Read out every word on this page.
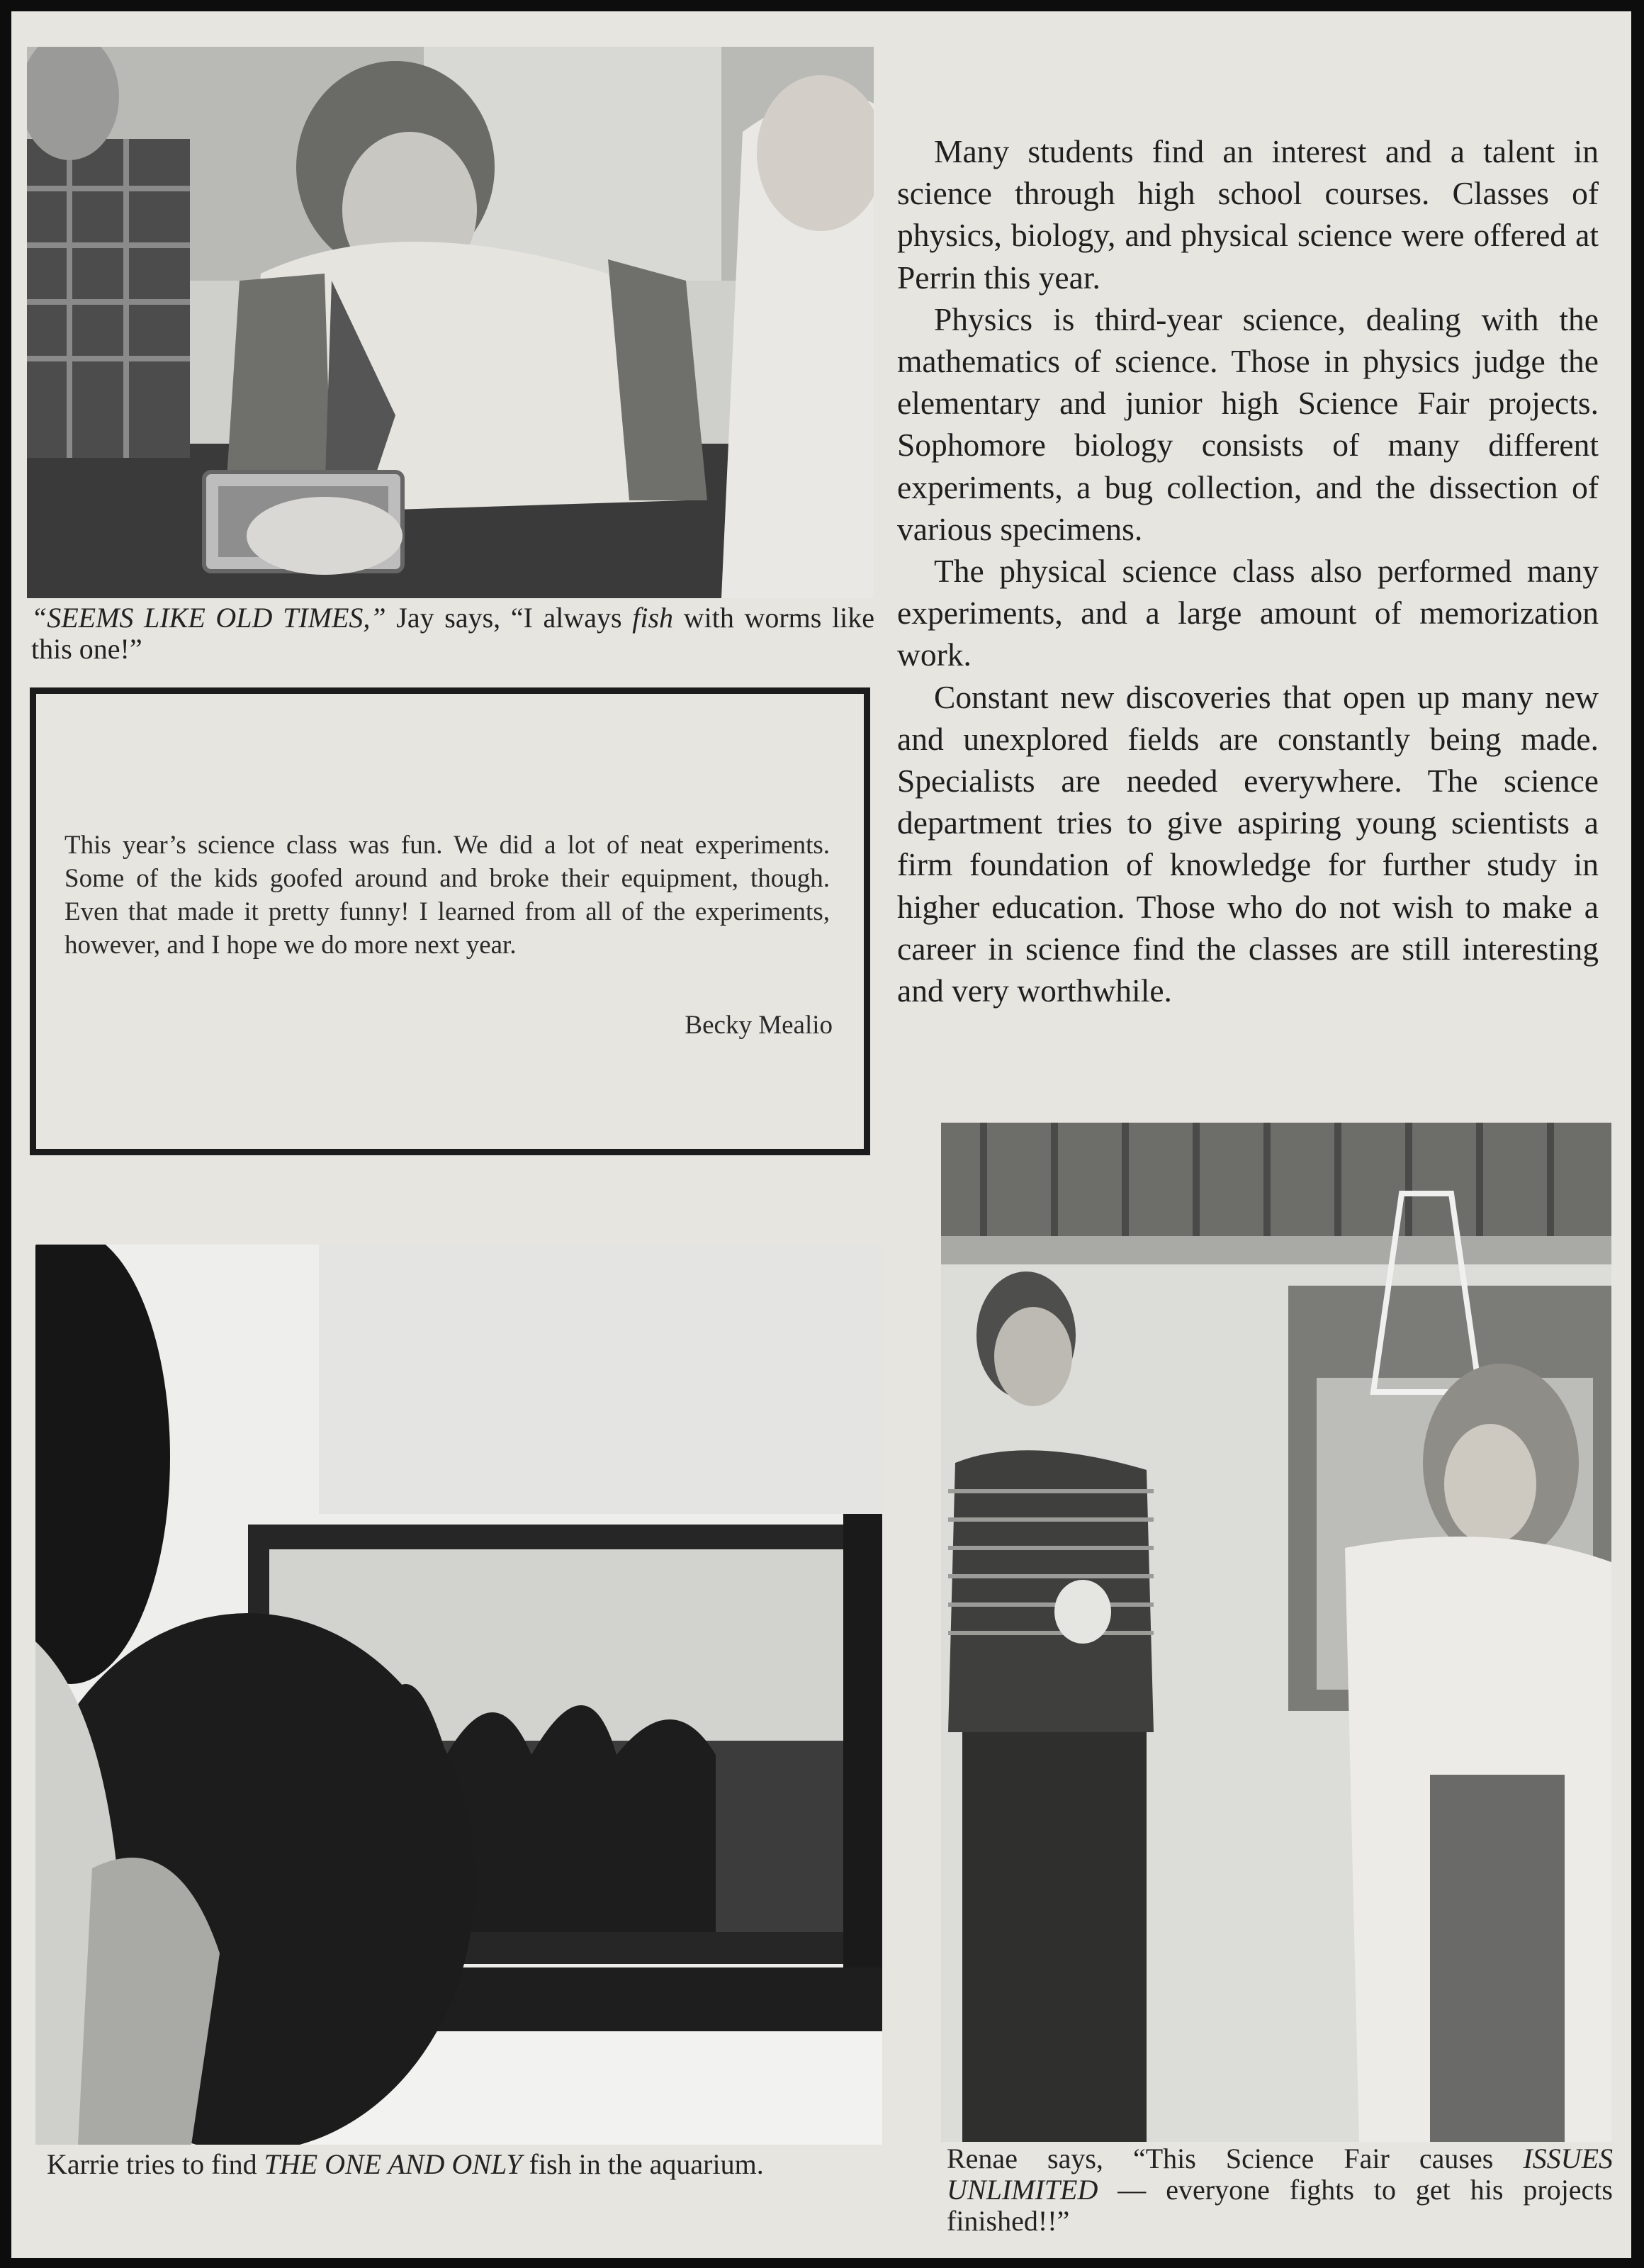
“SEEMS LIKE OLD TIMES,” Jay says, “I always fish with worms like this one!”
This year’s science class was fun. We did a lot of neat experiments. Some of the kids goofed around and broke their equipment, though. Even that made it pretty funny! I learned from all of the experiments, however, and I hope we do more next year.
Becky Mealio

Many students find an interest and a talent in science through high school courses. Classes of physics, biology, and physical science were offered at Perrin this year.

Physics is third-year science, dealing with the mathematics of science. Those in physics judge the elementary and junior high Science Fair projects. Sophomore biology consists of many different experiments, a bug collection, and the dissection of various specimens.

The physical science class also performed many experiments, and a large amount of memorization work.

Constant new discoveries that open up many new and unexplored fields are constantly being made. Specialists are needed everywhere. The science department tries to give aspiring young scientists a firm foundation of knowledge for further study in higher education. Those who do not wish to make a career in science find the classes are still interesting and very worthwhile.

Karrie tries to find THE ONE AND ONLY fish in the aquarium.	Renae says, “This Science Fair causes ISSUES UNLIMITED — everyone fights to get his projects finished!!”
